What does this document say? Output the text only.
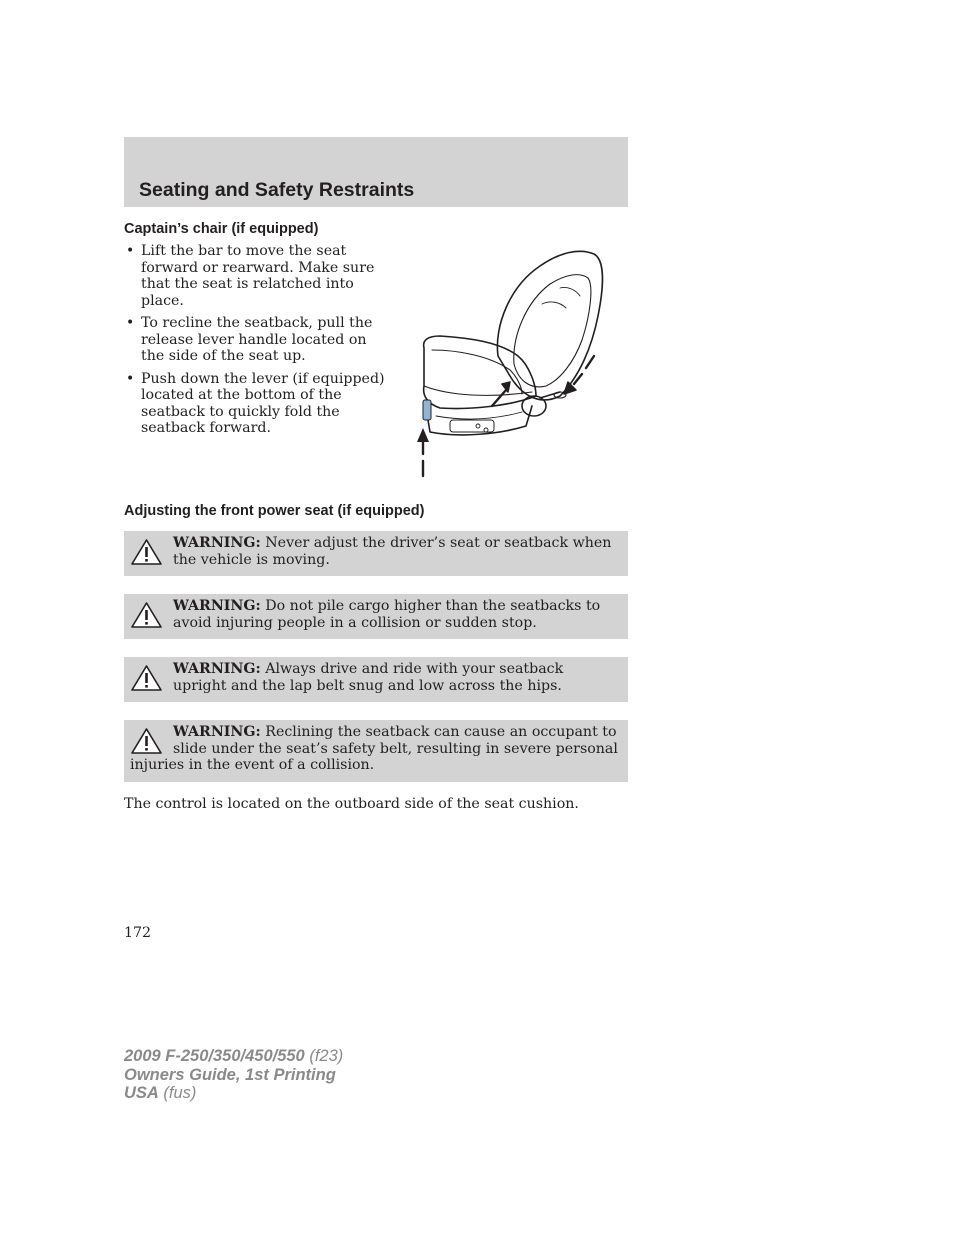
Seating and Safety Restraints
Captain’s chair (if equipped)
• Lift the bar to move the seat forward or rearward. Make sure that the seat is relatched into place.
• To recline the seatback, pull the release lever handle located on the side of the seat up.
• Push down the lever (if equipped) located at the bottom of the seatback to quickly fold the seatback forward.
Adjusting the front power seat (if equipped)
WARNING: Never adjust the driver’s seat or seatback when the vehicle is moving.
WARNING: Do not pile cargo higher than the seatbacks to avoid injuring people in a collision or sudden stop.
WARNING: Always drive and ride with your seatback upright and the lap belt snug and low across the hips.
WARNING: Reclining the seatback can cause an occupant to slide under the seat’s safety belt, resulting in severe personal injuries in the event of a collision.
The control is located on the outboard side of the seat cushion.
172
2009 F-250/350/450/550 (f23)
Owners Guide, 1st Printing
USA (fus)
